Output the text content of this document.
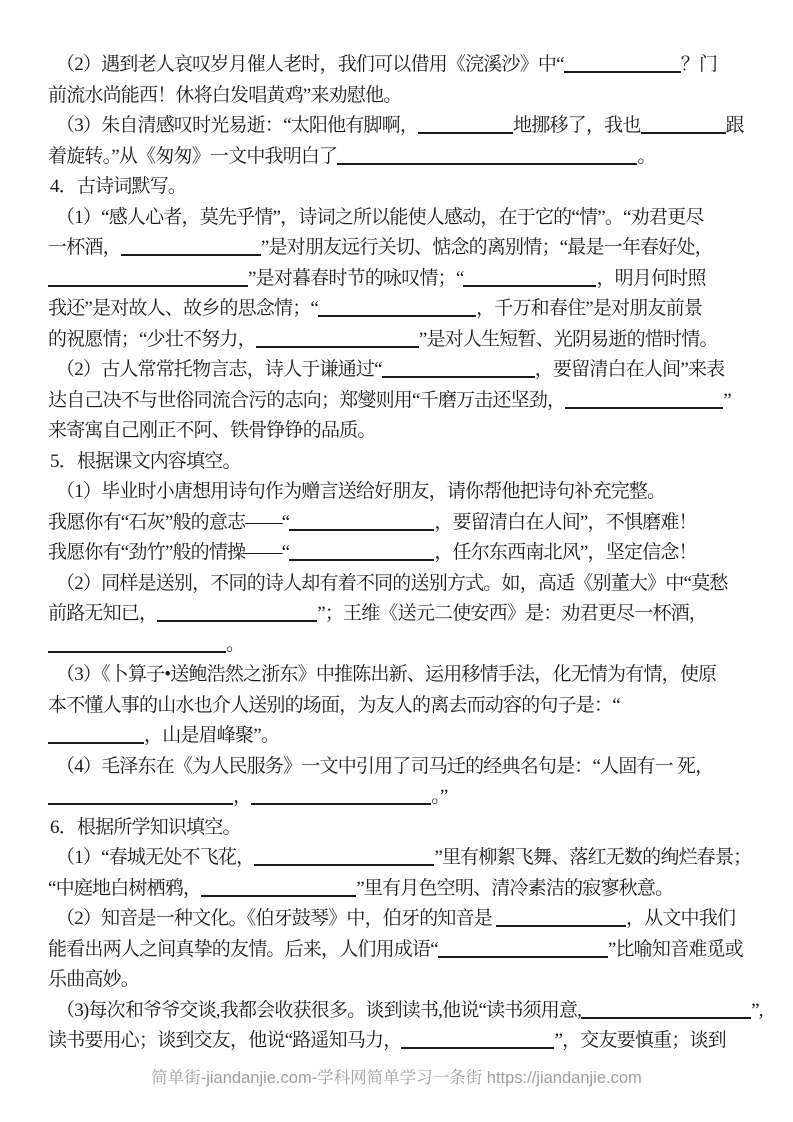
（2）遇到老人哀叹岁月催人老时，我们可以借用《浣溪沙》中“	？门
前流水尚能西！休将白发唱黄鸡”来劝慰他。
（3）朱自清感叹时光易逝：“太阳他有脚啊，	地挪移了，我也	跟
着旋转。”从《匆匆》一文中我明白了	。
4．古诗词默写。
（1）“感人心者，莫先乎情”，诗词之所以能使人感动，在于它的“情”。“劝君更尽
一杯酒，	”是对朋友远行关切、惦念的离别情；“最是一年春好处，
”是对暮春时节的咏叹情；“	，明月何时照
我还”是对故人、故乡的思念情；“	，千万和春住”是对朋友前景
的祝愿情；“少壮不努力，	”是对人生短暂、光阴易逝的惜时情。
（2）古人常常托物言志，诗人于谦通过“	，要留清白在人间”来表
达自己决不与世俗同流合污的志向；郑燮则用“千磨万击还坚劲，	”
来寄寓自己刚正不阿、铁骨铮铮的品质。
5．根据课文内容填空。
（1）毕业时小唐想用诗句作为赠言送给好朋友，请你帮他把诗句补充完整。
我愿你有“石灰”般的意志——“	，要留清白在人间”，不惧磨难！
我愿你有“劲竹”般的情操——“	，任尔东西南北风”，坚定信念！
（2）同样是送别，不同的诗人却有着不同的送别方式。如，高适《别董大》中“莫愁
前路无知已，	”；王维《送元二使安西》是：劝君更尽一杯酒，
。
（3）《卜算子•送鲍浩然之浙东》中推陈出新、运用移情手法，化无情为有情，使原
本不懂人事的山水也介人送别的场面，为友人的离去而动容的句子是：“
，山是眉峰聚”。
（4）毛泽东在《为人民服务》一文中引用了司马迁的经典名句是：“人固有一 死，
，	。”
6．根据所学知识填空。
（1）“春城无处不飞花，	”里有柳絮飞舞、落红无数的绚烂春景；
“中庭地白树栖鸦，	”里有月色空明、清冷素洁的寂寥秋意。
（2）知音是一种文化。《伯牙鼓琴》中，伯牙的知音是	，从文中我们
能看出两人之间真挚的友情。后来，人们用成语“	”比喻知音难觅或
乐曲高妙。
（3)每次和爷爷交谈,我都会收获很多。谈到读书,他说“读书须用意,	”,
读书要用心；谈到交友，他说“路遥知马力，	”，交友要慎重；谈到
简单街-jiandanjie.com-学科网简单学习一条街 https://jiandanjie.com
